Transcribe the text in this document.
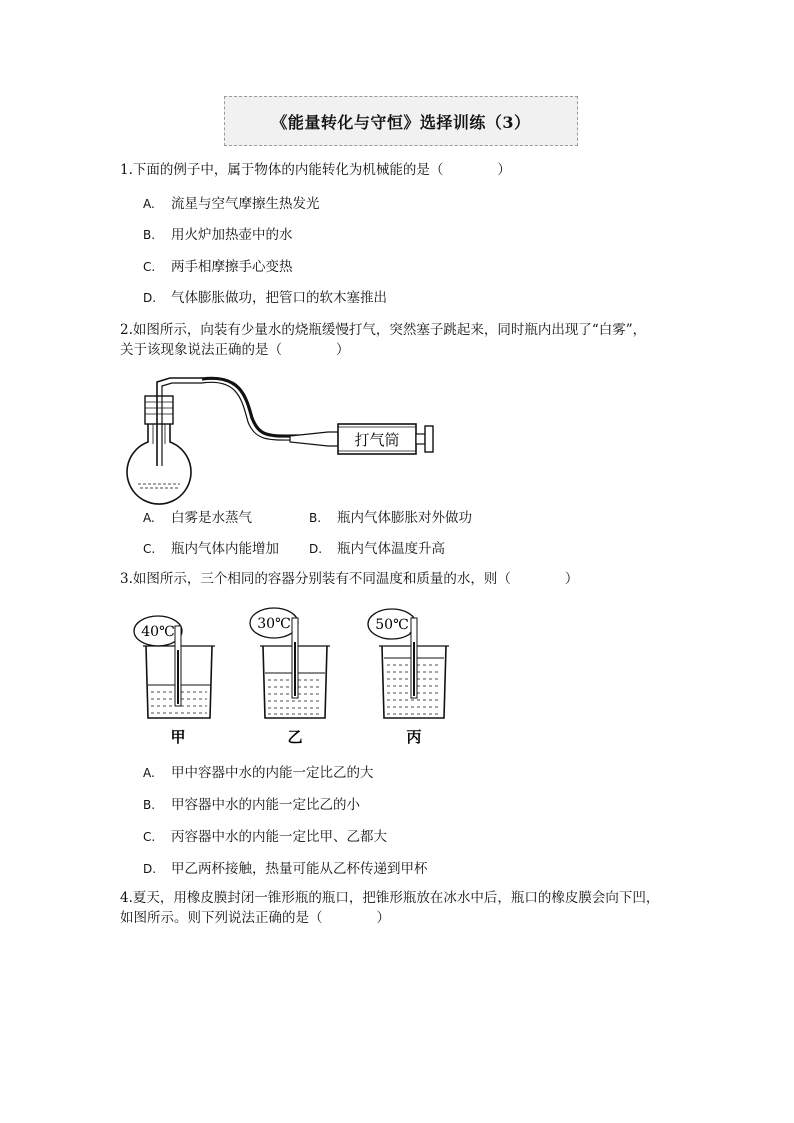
《能量转化与守恒》选择训练（3）
1.下面的例子中，属于物体的内能转化为机械能的是（　　　　）
A. 流星与空气摩擦生热发光
B. 用火炉加热壶中的水
C. 两手相摩擦手心变热
D. 气体膨胀做功，把管口的软木塞推出
2.如图所示，向装有少量水的烧瓶缓慢打气，突然塞子跳起来，同时瓶内出现了“白雾”，
关于该现象说法正确的是（　　　　）
打气筒
A. 白雾是水蒸气	B. 瓶内气体膨胀对外做功
C. 瓶内气体内能增加	D. 瓶内气体温度升高
3.如图所示，三个相同的容器分别装有不同温度和质量的水，则（　　　　）
40℃
甲
30℃
乙
50℃
丙
A. 甲中容器中水的内能一定比乙的大
B. 甲容器中水的内能一定比乙的小
C. 丙容器中水的内能一定比甲、乙都大
D. 甲乙两杯接触，热量可能从乙杯传递到甲杯
4.夏天，用橡皮膜封闭一锥形瓶的瓶口，把锥形瓶放在冰水中后，瓶口的橡皮膜会向下凹，
如图所示。则下列说法正确的是（　　　　）
